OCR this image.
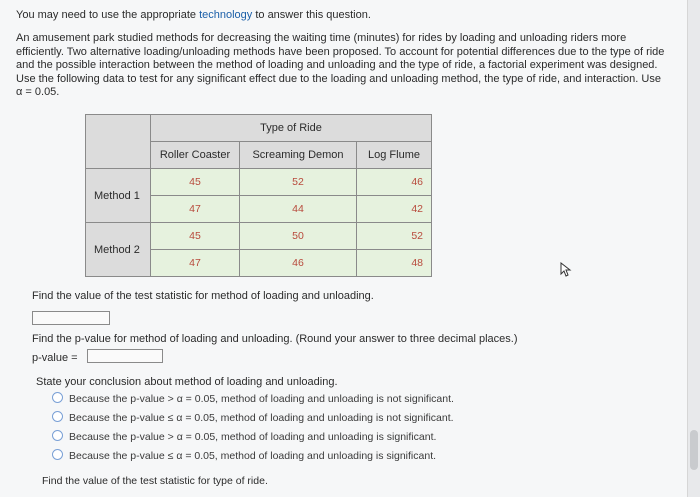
You may need to use the appropriate technology to answer this question.
An amusement park studied methods for decreasing the waiting time (minutes) for rides by loading and unloading riders more efficiently. Two alternative loading/unloading methods have been proposed. To account for potential differences due to the type of ride and the possible interaction between the method of loading and unloading and the type of ride, a factorial experiment was designed. Use the following data to test for any significant effect due to the loading and unloading method, the type of ride, and interaction. Use α = 0.05.
	Type of Ride		
	Roller Coaster	Screaming Demon	Log Flume
Method 1	45	52	46
	47	44	42
Method 2	45	50	52
	47	46	48
Find the value of the test statistic for method of loading and unloading.
Find the p-value for method of loading and unloading. (Round your answer to three decimal places.)
p-value =
State your conclusion about method of loading and unloading.
Because the p-value > α = 0.05, method of loading and unloading is not significant.
Because the p-value ≤ α = 0.05, method of loading and unloading is not significant.
Because the p-value > α = 0.05, method of loading and unloading is significant.
Because the p-value ≤ α = 0.05, method of loading and unloading is significant.
Find the value of the test statistic for type of ride.
